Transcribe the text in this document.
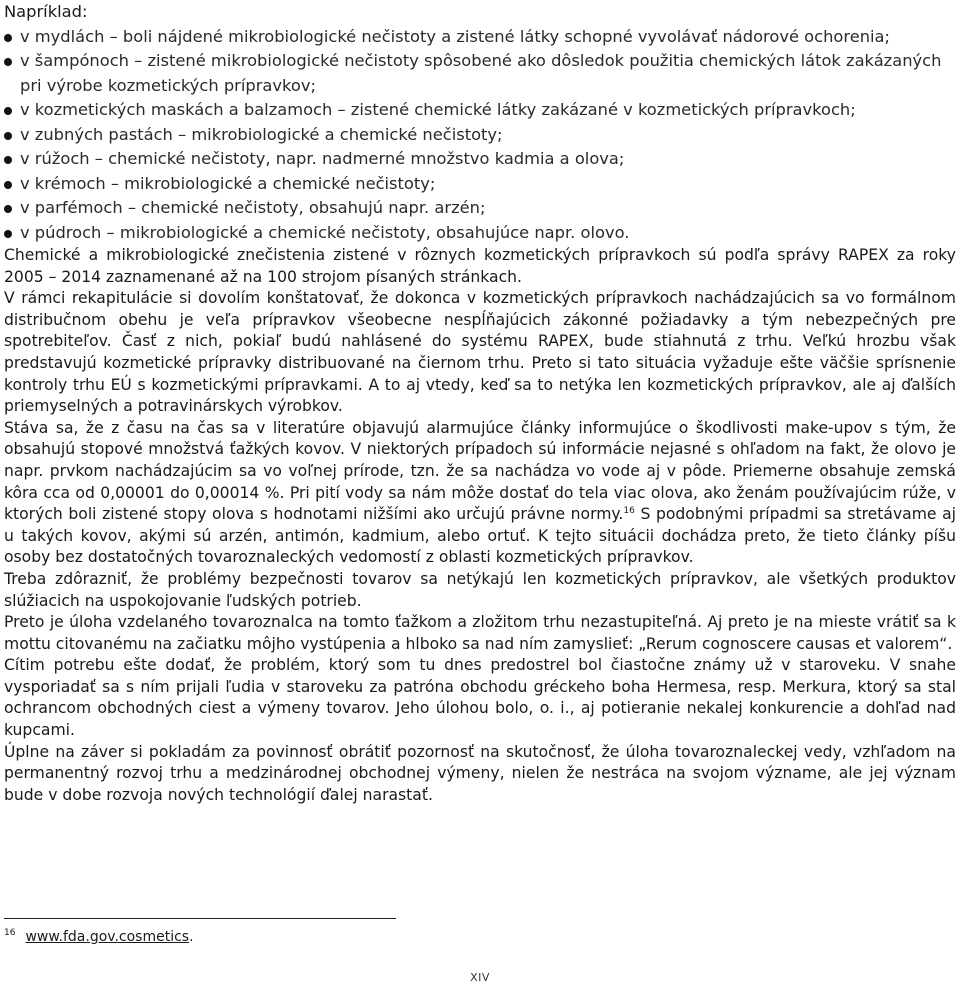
Napríklad:

v mydlách – boli nájdené mikrobiologické nečistoty a zistené látky schopné vyvolávať nádorové ochorenia;
v šampónoch – zistené mikrobiologické nečistoty spôsobené ako dôsledok použitia chemických látok zakázaných pri výrobe kozmetických prípravkov;
v kozmetických maskách a balzamoch – zistené chemické látky zakázané v kozmetických prípravkoch;
v zubných pastách – mikrobiologické a chemické nečistoty;
v rúžoch – chemické nečistoty, napr. nadmerné množstvo kadmia a olova;
v krémoch – mikrobiologické a chemické nečistoty;
v parfémoch – chemické nečistoty, obsahujú napr. arzén;
v púdroch – mikrobiologické a chemické nečistoty, obsahujúce napr. olovo.

Chemické a mikrobiologické znečistenia zistené v rôznych kozmetických prípravkoch sú podľa správy RAPEX za roky 2005 – 2014 zaznamenané až na 100 strojom písaných stránkach.

V rámci rekapitulácie si dovolím konštatovať, že dokonca v kozmetických prípravkoch nachádzajúcich sa vo formálnom distribučnom obehu je veľa prípravkov všeobecne nespĺňajúcich zákonné požiadavky a tým nebezpečných pre spotrebiteľov. Časť z nich, pokiaľ budú nahlásené do systému RAPEX, bude stiahnutá z trhu. Veľkú hrozbu však predstavujú kozmetické prípravky distribuované na čiernom trhu. Preto si tato situácia vyžaduje ešte väčšie sprísnenie kontroly trhu EÚ s kozmetickými prípravkami. A to aj vtedy, keď sa to netýka len kozmetických prípravkov, ale aj ďalších priemyselných a potravinárskych výrobkov.

Stáva sa, že z času na čas sa v literatúre objavujú alarmujúce články informujúce o škodlivosti make-upov s tým, že obsahujú stopové množstvá ťažkých kovov. V niektorých prípadoch sú informácie nejasné s ohľadom na fakt, že olovo je napr. prvkom nachádzajúcim sa vo voľnej prírode, tzn. že sa nachádza vo vode aj v pôde. Priemerne obsahuje zemská kôra cca od 0,00001 do 0,00014 %. Pri pití vody sa nám môže dostať do tela viac olova, ako ženám používajúcim rúže, v ktorých boli zistené stopy olova s hodnotami nižšími ako určujú právne normy.$^{16}$ S podobnými prípadmi sa stretávame aj u takých kovov, akými sú arzén, antimón, kadmium, alebo ortuť. K tejto situácii dochádza preto, že tieto články píšu osoby bez dostatočných tovaroznaleckých vedomostí z oblasti kozmetických prípravkov.

Treba zdôrazniť, že problémy bezpečnosti tovarov sa netýkajú len kozmetických prípravkov, ale všetkých produktov slúžiacich na uspokojovanie ľudských potrieb.

Preto je úloha vzdelaného tovaroznalca na tomto ťažkom a zložitom trhu nezastupiteľná. Aj preto je na mieste vrátiť sa k mottu citovanému na začiatku môjho vystúpenia a hlboko sa nad ním zamyslieť: „Rerum cognoscere causas et valorem“.

Cítim potrebu ešte dodať, že problém, ktorý som tu dnes predostrel bol čiastočne známy už v staroveku. V snahe vysporiadať sa s ním prijali ľudia v staroveku za patróna obchodu gréckeho boha Hermesa, resp. Merkura, ktorý sa stal ochrancom obchodných ciest a výmeny tovarov. Jeho úlohou bolo, o. i., aj potieranie nekalej konkurencie a dohľad nad kupcami.

Úplne na záver si pokladám za povinnosť obrátiť pozornosť na skutočnosť, že úloha tovaroznaleckej vedy, vzhľadom na permanentný rozvoj trhu a medzinárodnej obchodnej výmeny, nielen že nestráca na svojom význame, ale jej význam bude v dobe rozvoja nových technológií ďalej narastať.

$^{16}$ www.fda.gov.cosmetics.
XIV
